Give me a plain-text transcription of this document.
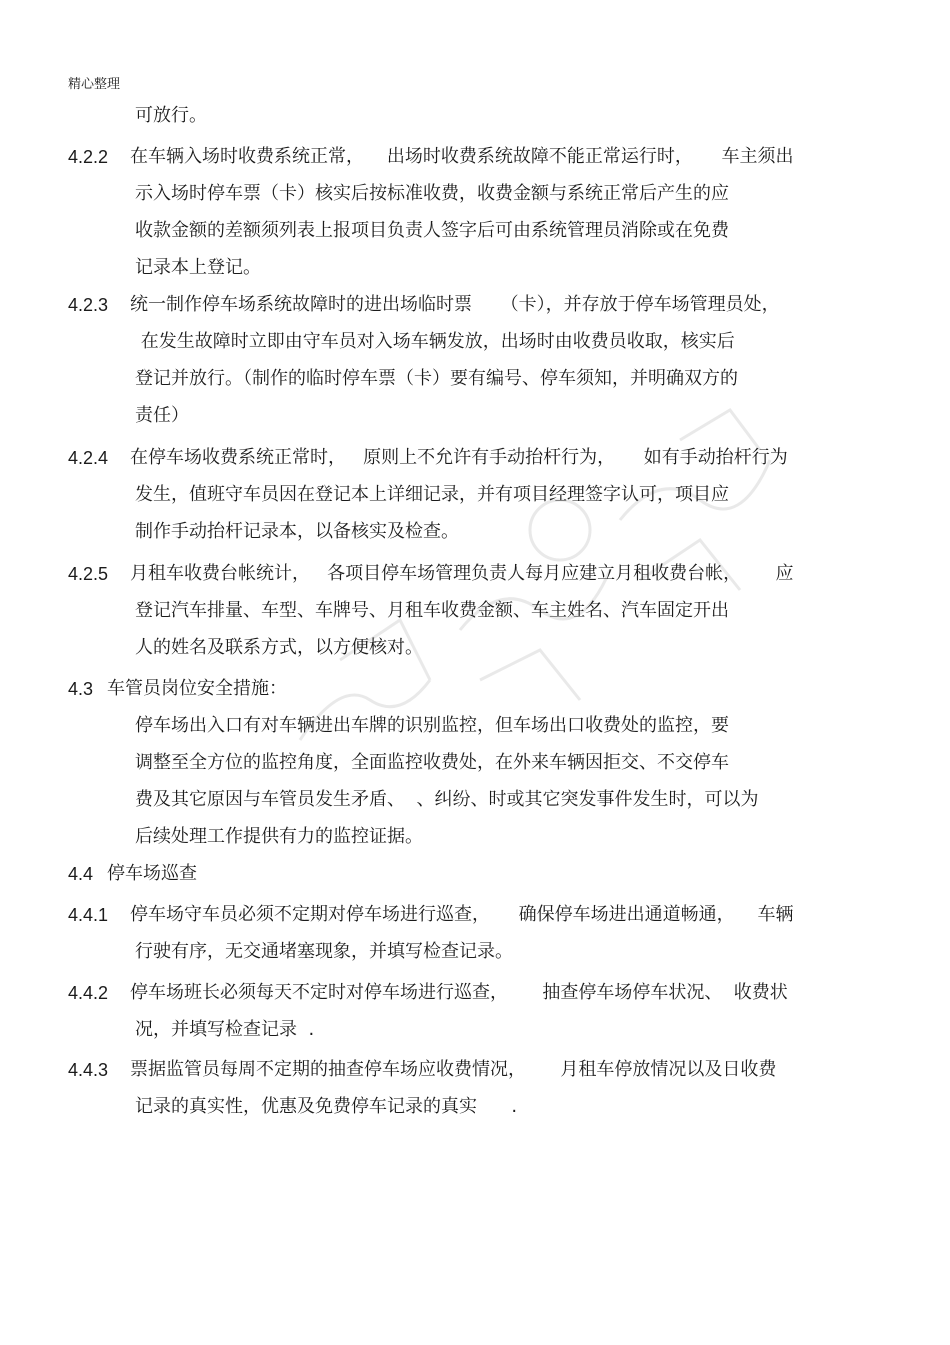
精心整理
可放行。
4.2.2 在车辆入场时收费系统正常，    出场时收费系统故障不能正常运行时，     车主须出
示入场时停车票（卡）核实后按标准收费，收费金额与系统正常后产生的应
收款金额的差额须列表上报项目负责人签字后可由系统管理员消除或在免费
记录本上登记。
4.2.3 统一制作停车场系统故障时的进出场临时票     （卡），并存放于停车场管理员处，
在发生故障时立即由守车员对入场车辆发放，出场时由收费员收取，核实后
登记并放行。（制作的临时停车票（卡）要有编号、停车须知，并明确双方的
责任）
4.2.4 在停车场收费系统正常时，   原则上不允许有手动抬杆行为，     如有手动抬杆行为
发生，值班守车员因在登记本上详细记录，并有项目经理签字认可，项目应
制作手动抬杆记录本，以备核实及检查。
4.2.5 月租车收费台帐统计，   各项目停车场管理负责人每月应建立月租收费台帐，      应
登记汽车排量、车型、车牌号、月租车收费金额、车主姓名、汽车固定开出
人的姓名及联系方式，以方便核对。
4.3 车管员岗位安全措施：
停车场出入口有对车辆进出车牌的识别监控，但车场出口收费处的监控，要
调整至全方位的监控角度，全面监控收费处，在外来车辆因拒交、不交停车
费及其它原因与车管员发生矛盾、  、纠纷、时或其它突发事件发生时，可以为
后续处理工作提供有力的监控证据。
4.4 停车场巡查
4.4.1 停车场守车员必须不定期对停车场进行巡查，     确保停车场进出通道畅通，    车辆
行驶有序，无交通堵塞现象，并填写检查记录。
4.4.2 停车场班长必须每天不定时对停车场进行巡查，      抽查停车场停车状况、  收费状
况，并填写检查记录  .
4.4.3 票据监管员每周不定期的抽查停车场应收费情况，      月租车停放情况以及日收费
记录的真实性，优惠及免费停车记录的真实      .
